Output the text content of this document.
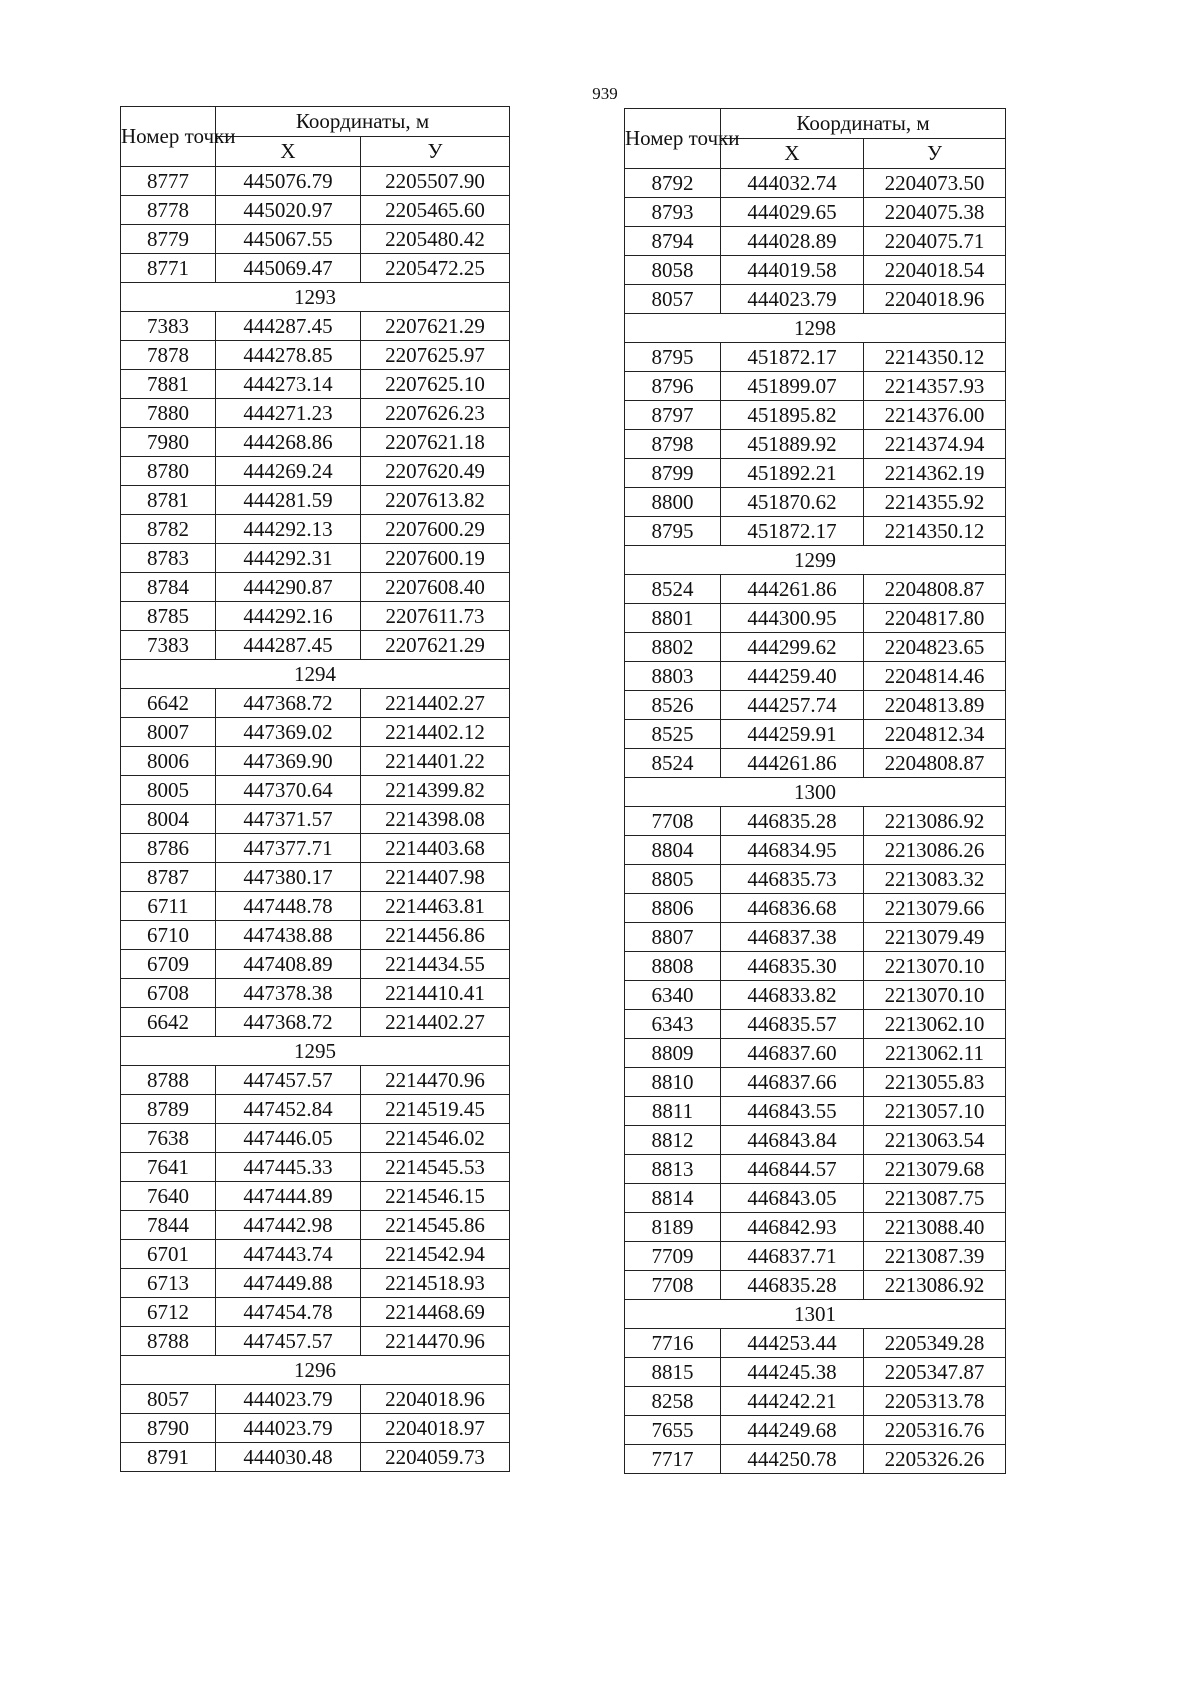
939
Номер точки	Координаты, м	
	Х	У
8777	445076.79	2205507.90
8778	445020.97	2205465.60
8779	445067.55	2205480.42
8771	445069.47	2205472.25
1293		
7383	444287.45	2207621.29
7878	444278.85	2207625.97
7881	444273.14	2207625.10
7880	444271.23	2207626.23
7980	444268.86	2207621.18
8780	444269.24	2207620.49
8781	444281.59	2207613.82
8782	444292.13	2207600.29
8783	444292.31	2207600.19
8784	444290.87	2207608.40
8785	444292.16	2207611.73
7383	444287.45	2207621.29
1294		
6642	447368.72	2214402.27
8007	447369.02	2214402.12
8006	447369.90	2214401.22
8005	447370.64	2214399.82
8004	447371.57	2214398.08
8786	447377.71	2214403.68
8787	447380.17	2214407.98
6711	447448.78	2214463.81
6710	447438.88	2214456.86
6709	447408.89	2214434.55
6708	447378.38	2214410.41
6642	447368.72	2214402.27
1295		
8788	447457.57	2214470.96
8789	447452.84	2214519.45
7638	447446.05	2214546.02
7641	447445.33	2214545.53
7640	447444.89	2214546.15
7844	447442.98	2214545.86
6701	447443.74	2214542.94
6713	447449.88	2214518.93
6712	447454.78	2214468.69
8788	447457.57	2214470.96
1296		
8057	444023.79	2204018.96
8790	444023.79	2204018.97
8791	444030.48	2204059.73
Номер точки	Координаты, м	
	Х	У
8792	444032.74	2204073.50
8793	444029.65	2204075.38
8794	444028.89	2204075.71
8058	444019.58	2204018.54
8057	444023.79	2204018.96
1298		
8795	451872.17	2214350.12
8796	451899.07	2214357.93
8797	451895.82	2214376.00
8798	451889.92	2214374.94
8799	451892.21	2214362.19
8800	451870.62	2214355.92
8795	451872.17	2214350.12
1299		
8524	444261.86	2204808.87
8801	444300.95	2204817.80
8802	444299.62	2204823.65
8803	444259.40	2204814.46
8526	444257.74	2204813.89
8525	444259.91	2204812.34
8524	444261.86	2204808.87
1300		
7708	446835.28	2213086.92
8804	446834.95	2213086.26
8805	446835.73	2213083.32
8806	446836.68	2213079.66
8807	446837.38	2213079.49
8808	446835.30	2213070.10
6340	446833.82	2213070.10
6343	446835.57	2213062.10
8809	446837.60	2213062.11
8810	446837.66	2213055.83
8811	446843.55	2213057.10
8812	446843.84	2213063.54
8813	446844.57	2213079.68
8814	446843.05	2213087.75
8189	446842.93	2213088.40
7709	446837.71	2213087.39
7708	446835.28	2213086.92
1301		
7716	444253.44	2205349.28
8815	444245.38	2205347.87
8258	444242.21	2205313.78
7655	444249.68	2205316.76
7717	444250.78	2205326.26
